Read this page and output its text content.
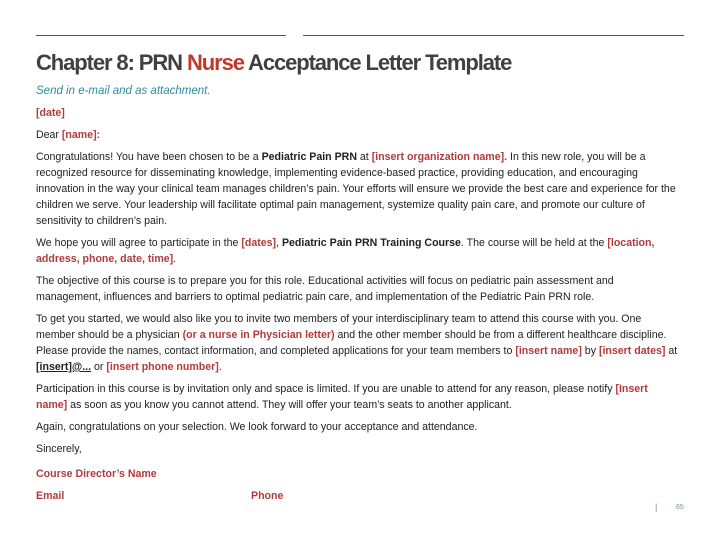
Chapter 8: PRN Nurse Acceptance Letter Template

Send in e-mail and as attachment.

[date]

Dear [name]:

Congratulations! You have been chosen to be a Pediatric Pain PRN at [insert organization name]. In this new role, you will be a recognized resource for disseminating knowledge, implementing evidence-based practice, providing education, and encouraging innovation in the way your clinical team manages children’s pain. Your efforts will ensure we provide the best care and experience for the children we serve. Your leadership will facilitate optimal pain management, systemize quality pain care, and promote our culture of sensitivity to children’s pain.

We hope you will agree to participate in the [dates], Pediatric Pain PRN Training Course. The course will be held at the [location, address, phone, date, time].

The objective of this course is to prepare you for this role. Educational activities will focus on pediatric pain assessment and management, influences and barriers to optimal pediatric pain care, and implementation of the Pediatric Pain PRN role.

To get you started, we would also like you to invite two members of your interdisciplinary team to attend this course with you. One member should be a physician (or a nurse in Physician letter) and the other member should be from a different healthcare discipline. Please provide the names, contact information, and completed applications for your team members to [insert name] by [insert dates] at [insert]@... or [insert phone number].

Participation in this course is by invitation only and space is limited. If you are unable to attend for any reason, please notify [Insert name] as soon as you know you cannot attend. They will offer your team’s seats to another applicant.

Again, congratulations on your selection. We look forward to your acceptance and attendance.

Sincerely,

Course Director’s Name
Email	Phone
|	65
